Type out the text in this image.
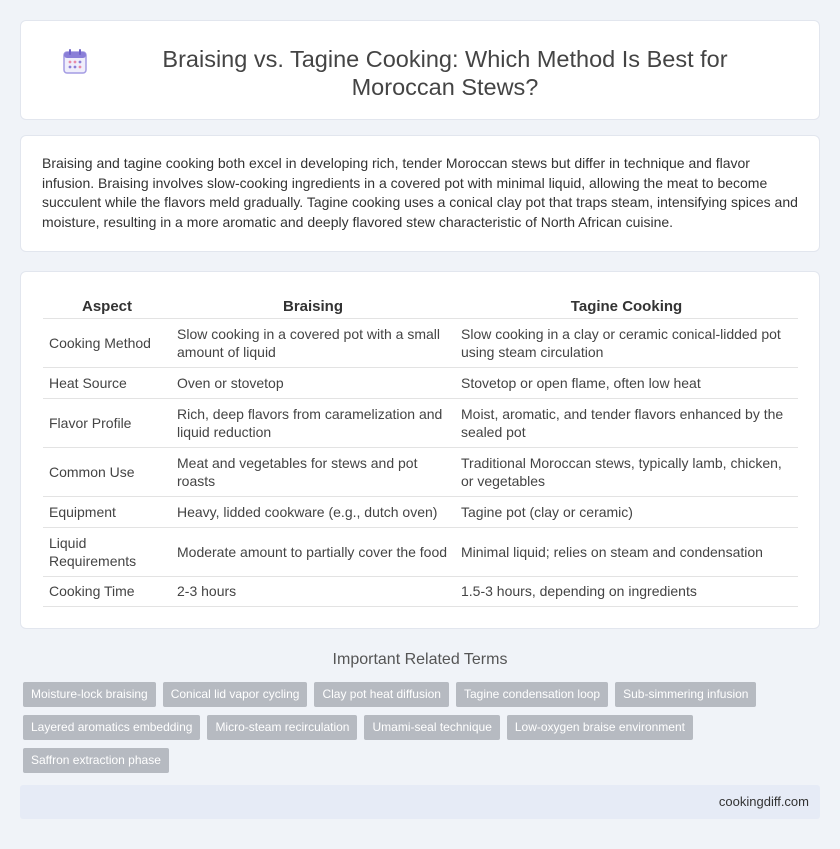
Braising vs. Tagine Cooking: Which Method Is Best for Moroccan Stews?

Braising and tagine cooking both excel in developing rich, tender Moroccan stews but differ in technique and flavor infusion. Braising involves slow-cooking ingredients in a covered pot with minimal liquid, allowing the meat to become succulent while the flavors meld gradually. Tagine cooking uses a conical clay pot that traps steam, intensifying spices and moisture, resulting in a more aromatic and deeply flavored stew characteristic of North African cuisine.

Aspect	Braising	Tagine Cooking
Cooking Method	Slow cooking in a covered pot with a small amount of liquid	Slow cooking in a clay or ceramic conical-lidded pot using steam circulation
Heat Source	Oven or stovetop	Stovetop or open flame, often low heat
Flavor Profile	Rich, deep flavors from caramelization and liquid reduction	Moist, aromatic, and tender flavors enhanced by the sealed pot
Common Use	Meat and vegetables for stews and pot roasts	Traditional Moroccan stews, typically lamb, chicken, or vegetables
Equipment	Heavy, lidded cookware (e.g., dutch oven)	Tagine pot (clay or ceramic)
Liquid Requirements	Moderate amount to partially cover the food	Minimal liquid; relies on steam and condensation
Cooking Time	2-3 hours	1.5-3 hours, depending on ingredients
Important Related Terms
Moisture-lock braising	Conical lid vapor cycling	Clay pot heat diffusion	Tagine condensation loop	Sub-simmering infusion
Layered aromatics embedding	Micro-steam recirculation	Umami-seal technique	Low-oxygen braise environment
Saffron extraction phase
cookingdiff.com
